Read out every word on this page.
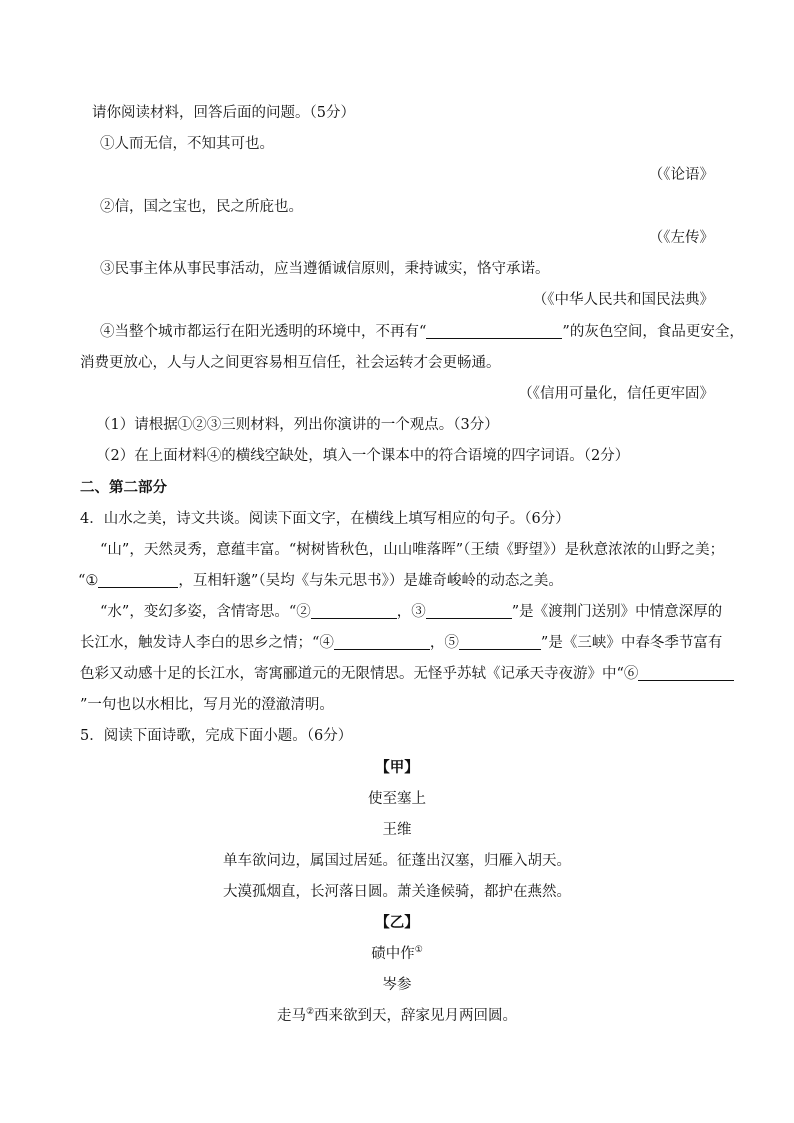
请你阅读材料，回答后面的问题。（5分）
①人而无信，不知其可也。
（《论语》
②信，国之宝也，民之所庇也。
（《左传》
③民事主体从事民事活动，应当遵循诚信原则，秉持诚实，恪守承诺。
（《中华人民共和国民法典》
④当整个城市都运行在阳光透明的环境中，不再有“	”的灰色空间，食品更安全，
消费更放心，人与人之间更容易相互信任，社会运转才会更畅通。
（《信用可量化，信任更牢固》
（1）请根据①②③三则材料，列出你演讲的一个观点。（3分）
（2）在上面材料④的横线空缺处，填入一个课本中的符合语境的四字词语。（2分）
二、第二部分
4．山水之美，诗文共谈。阅读下面文字，在横线上填写相应的句子。（6分）
“山”，天然灵秀，意蕴丰富。“树树皆秋色，山山唯落晖”（王绩《野望》）是秋意浓浓的山野之美；
“①	，互相轩邈”（吴均《与朱元思书》）是雄奇峻岭的动态之美。
“水”，变幻多姿，含情寄思。“②	，③	”是《渡荆门送别》中情意深厚的
长江水，触发诗人李白的思乡之情；“④	，⑤	”是《三峡》中春冬季节富有
色彩又动感十足的长江水，寄寓郦道元的无限情思。无怪乎苏轼《记承天寺夜游》中“⑥
”一句也以水相比，写月光的澄澈清明。
5．阅读下面诗歌，完成下面小题。（6分）
【甲】
使至塞上
王维
单车欲问边，属国过居延。征蓬出汉塞，归雁入胡天。
大漠孤烟直，长河落日圆。萧关逢候骑，都护在燕然。
【乙】
碛中作①
岑参
走马②西来欲到天，辞家见月两回圆。
